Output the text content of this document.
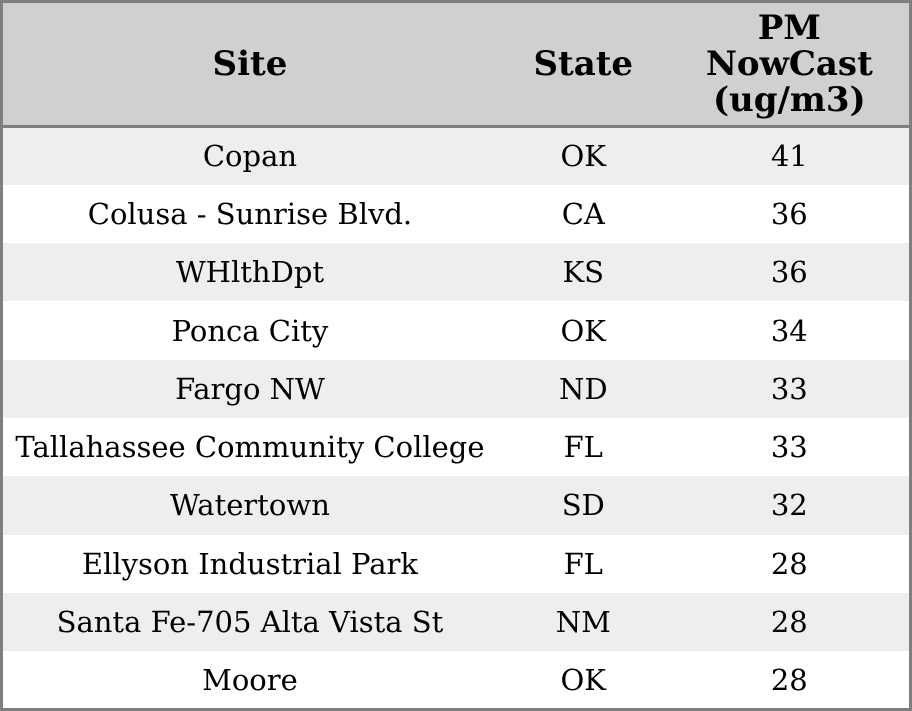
Site	State	PM
NowCast
(ug/m3)

Copan	OK	41
Colusa - Sunrise Blvd.	CA	36
WHlthDpt	KS	36
Ponca City	OK	34
Fargo NW	ND	33
Tallahassee Community College	FL	33
Watertown	SD	32
Ellyson Industrial Park	FL	28
Santa Fe-705 Alta Vista St	NM	28
Moore	OK	28
